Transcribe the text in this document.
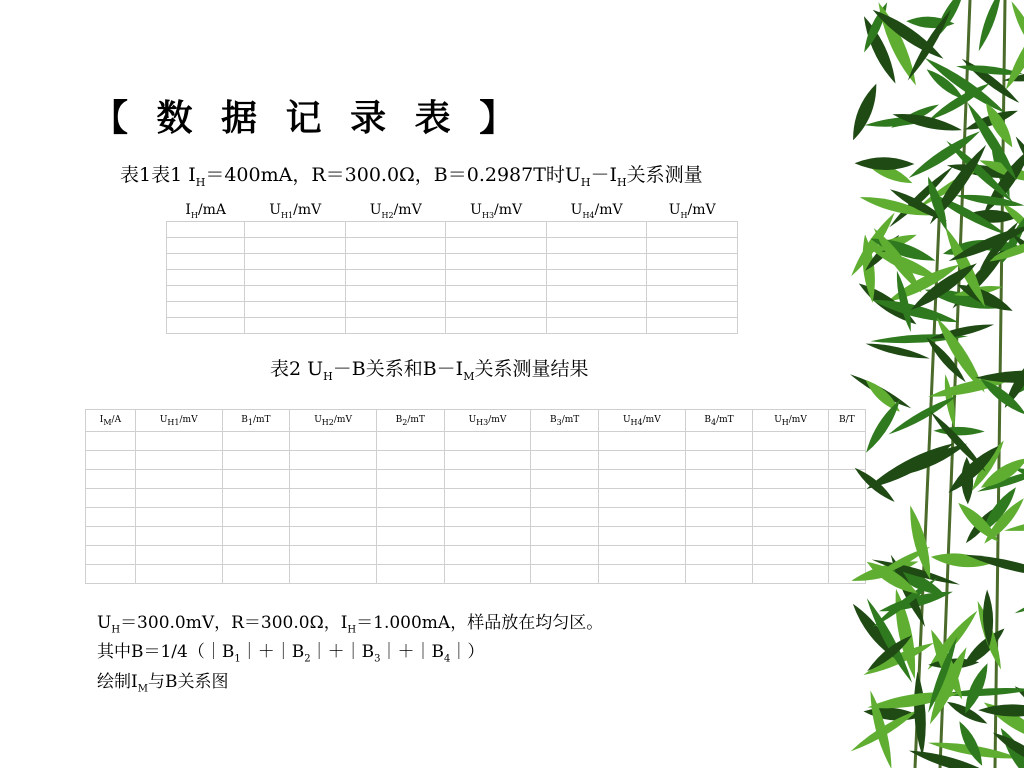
【 数 据 记 录 表 】
表1表1 $I_H=400mA$，R＝300.0Ω，B＝0.2987T时$U_H-I_H$关系测量
$I_H/mA$	$U_{H1}/mV$	$U_{H2}/mV$	$U_{H3}/mV$	$U_{H4}/mV$	$U_H/mV$

表2 $U_H-B$关系和$B-I_M$关系测量结果
$I_M/A$	$U_{H1}/mV$	$B_1/mT$	$U_{H2}/mV$	$B_2/mT$	$U_{H3}/mV$	$B_3/mT$	$U_{H4}/mV$	$B_4/mT$	$U_H/mV$	B/T

$U_H=300.0mV$，R＝300.0Ω，$I_H=1.000mA$，样品放在均匀区。
其中$B=1/4(|B_1|+|B_2|+|B_3|+|B_4|)$
绘制$I_M$与B关系图
